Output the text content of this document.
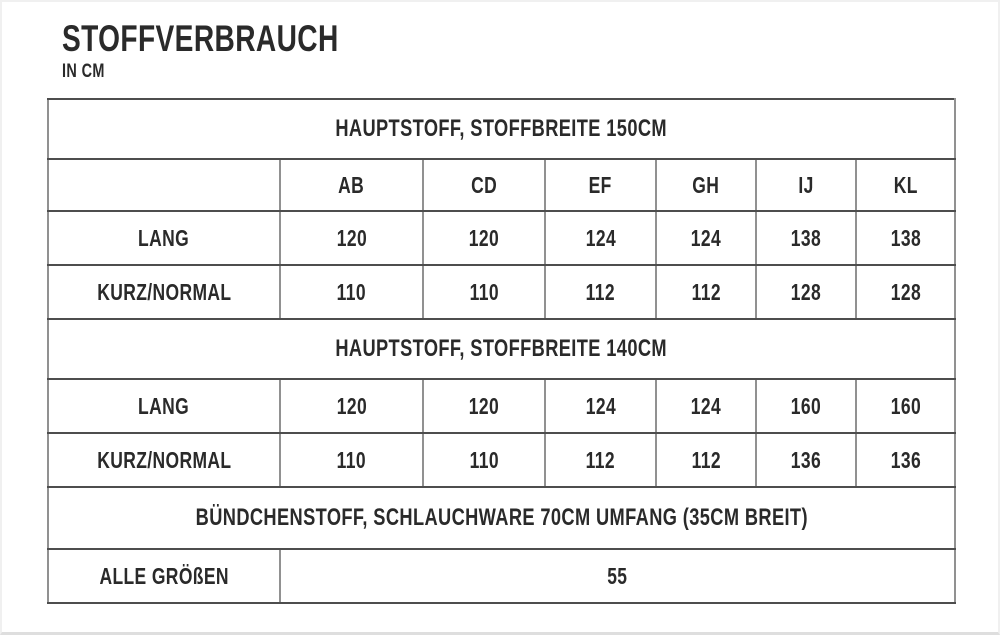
STOFFVERBRAUCH
IN CM
HAUPTSTOFF, STOFFBREITE 150CM						
	AB	CD	EF	GH	IJ	KL
LANG	120	120	124	124	138	138
KURZ/NORMAL	110	110	112	112	128	128
HAUPTSTOFF, STOFFBREITE 140CM						
LANG	120	120	124	124	160	160
KURZ/NORMAL	110	110	112	112	136	136
BÜNDCHENSTOFF, SCHLAUCHWARE 70CM UMFANG (35CM BREIT)						
ALLE GRÖßEN	55					
